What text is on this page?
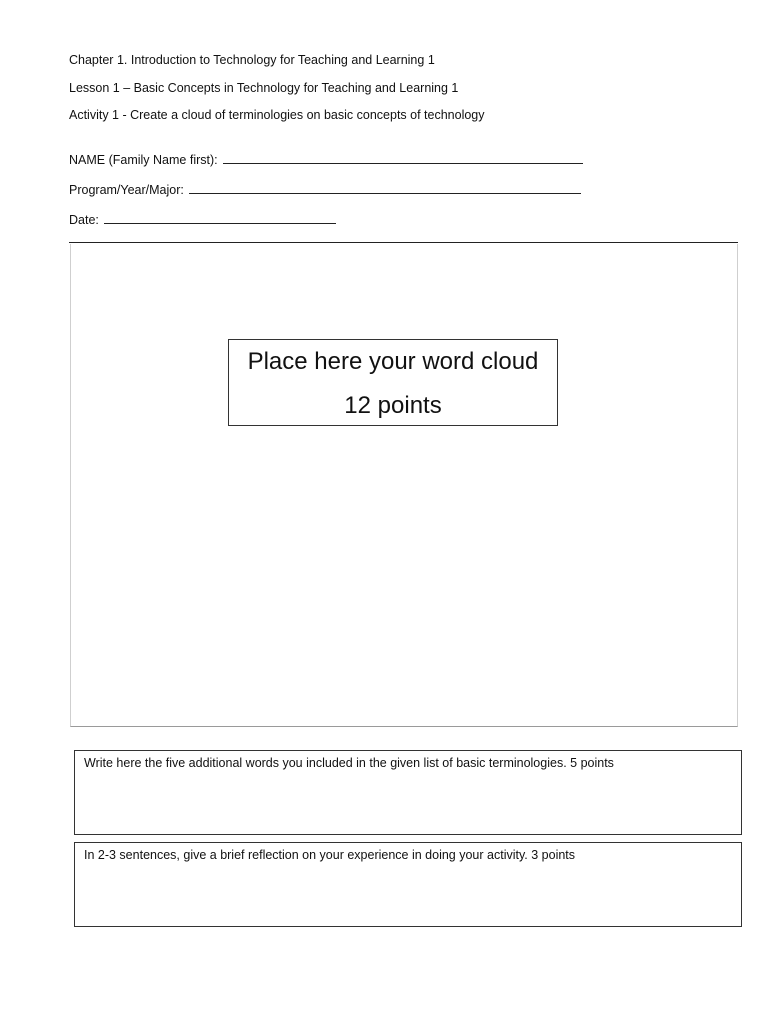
Chapter 1. Introduction to Technology for Teaching and Learning 1
Lesson 1 – Basic Concepts in Technology for Teaching and Learning 1
Activity 1 - Create a cloud of terminologies on basic concepts of technology
NAME (Family Name first):
Program/Year/Major:
Date:
Place here your word cloud
12 points
Write here the five additional words you included in the given list of basic terminologies. 5 points
In 2-3 sentences, give a brief reflection on your experience in doing your activity. 3 points
